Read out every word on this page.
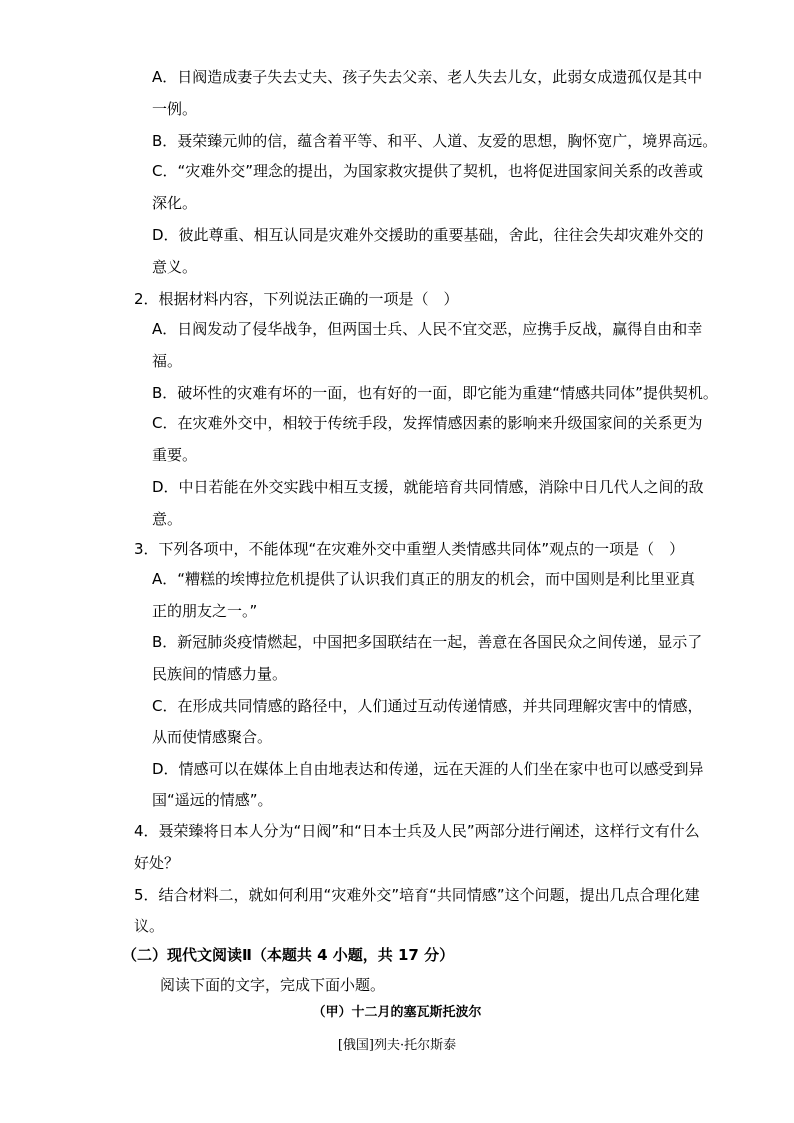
A．日阀造成妻子失去丈夫、孩子失去父亲、老人失去儿女，此弱女成遗孤仅是其中
一例。
B．聂荣臻元帅的信，蕴含着平等、和平、人道、友爱的思想，胸怀宽广，境界高远。
C．“灾难外交”理念的提出，为国家救灾提供了契机，也将促进国家间关系的改善或
深化。
D．彼此尊重、相互认同是灾难外交援助的重要基础，舍此，往往会失却灾难外交的
意义。
2．根据材料内容，下列说法正确的一项是（　）
A．日阀发动了侵华战争，但两国士兵、人民不宜交恶，应携手反战，赢得自由和幸
福。
B．破坏性的灾难有坏的一面，也有好的一面，即它能为重建“情感共同体”提供契机。
C．在灾难外交中，相较于传统手段，发挥情感因素的影响来升级国家间的关系更为
重要。
D．中日若能在外交实践中相互支援，就能培育共同情感，消除中日几代人之间的敌
意。
3．下列各项中，不能体现“在灾难外交中重塑人类情感共同体”观点的一项是（　）
A．“糟糕的埃博拉危机提供了认识我们真正的朋友的机会，而中国则是利比里亚真
正的朋友之一。”
B．新冠肺炎疫情燃起，中国把多国联结在一起，善意在各国民众之间传递，显示了
民族间的情感力量。
C．在形成共同情感的路径中，人们通过互动传递情感，并共同理解灾害中的情感，
从而使情感聚合。
D．情感可以在媒体上自由地表达和传递，远在天涯的人们坐在家中也可以感受到异
国“遥远的情感”。
4．聂荣臻将日本人分为“日阀”和“日本士兵及人民”两部分进行阐述，这样行文有什么
好处？
5．结合材料二，就如何利用“灾难外交”培育“共同情感”这个问题，提出几点合理化建
议。
（二）现代文阅读Ⅱ（本题共 4 小题，共 17 分）
阅读下面的文字，完成下面小题。
（甲）十二月的塞瓦斯托波尔
[俄国]列夫·托尔斯泰
